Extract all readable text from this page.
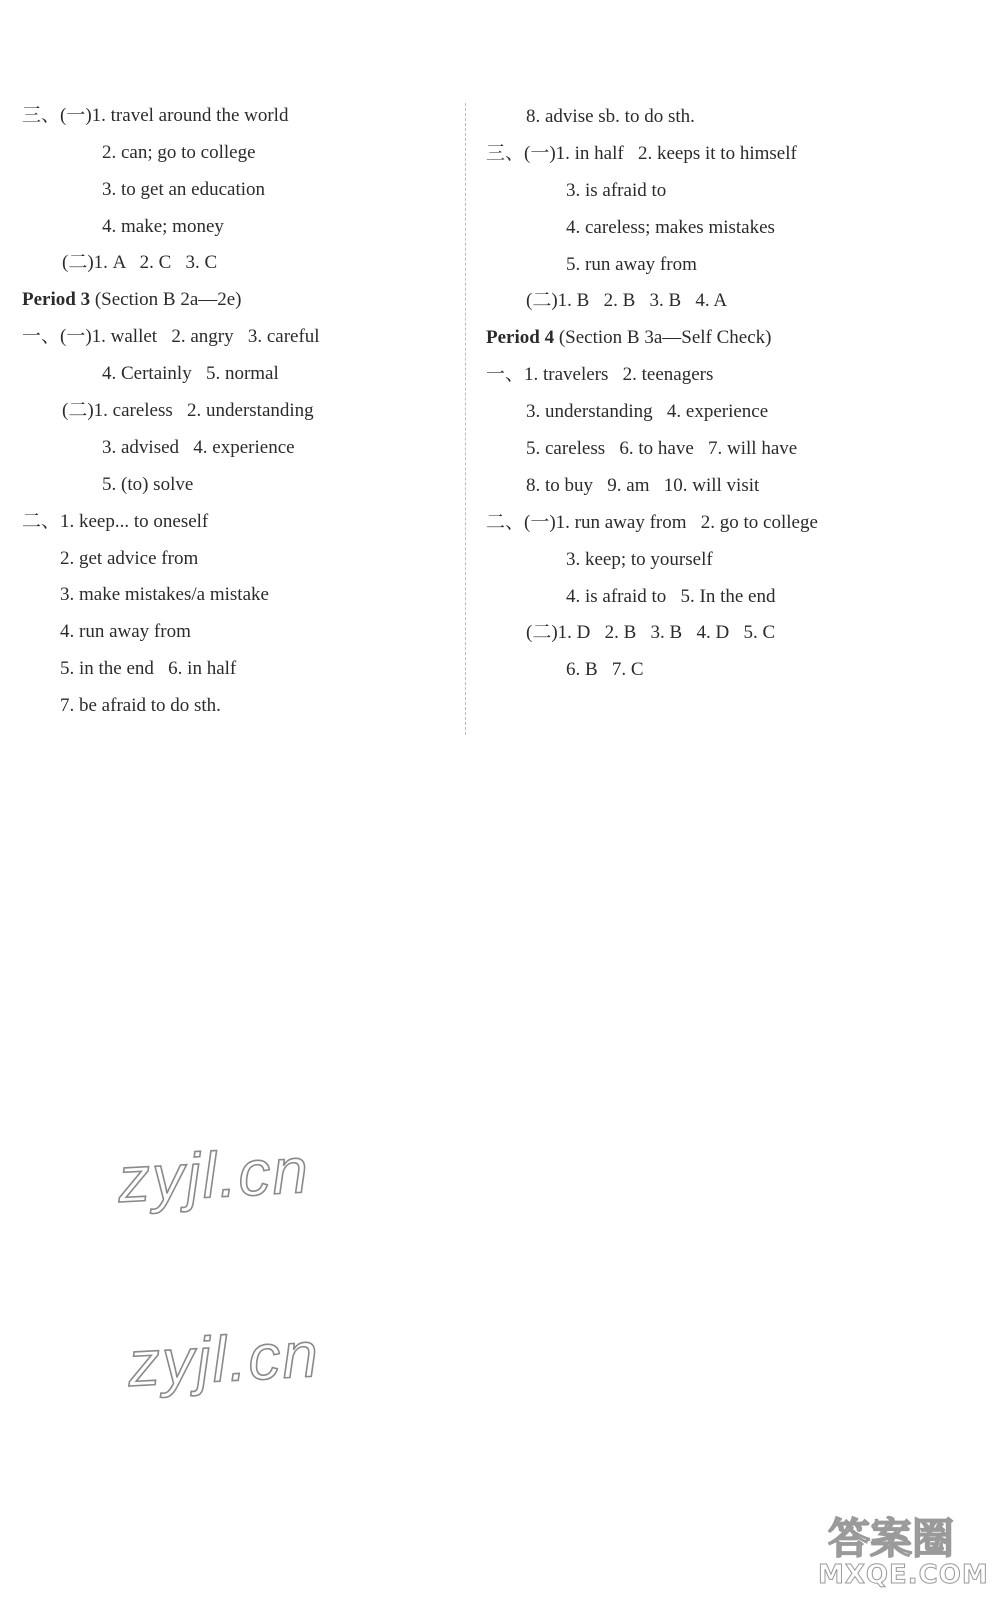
三、(一)1. travel around the world
2. can; go to college
3. to get an education
4. make; money
(二)1. A   2. C   3. C
Period 3 (Section B 2a—2e)
一、(一)1. wallet   2. angry   3. careful
4. Certainly   5. normal
(二)1. careless   2. understanding
3. advised   4. experience
5. (to) solve
二、1. keep... to oneself
2. get advice from
3. make mistakes/a mistake
4. run away from
5. in the end   6. in half
7. be afraid to do sth.
8. advise sb. to do sth.
三、(一)1. in half   2. keeps it to himself
3. is afraid to
4. careless; makes mistakes
5. run away from
(二)1. B   2. B   3. B   4. A
Period 4 (Section B 3a—Self Check)
一、1. travelers   2. teenagers
3. understanding   4. experience
5. careless   6. to have   7. will have
8. to buy   9. am   10. will visit
二、(一)1. run away from   2. go to college
3. keep; to yourself
4. is afraid to   5. In the end
(二)1. D   2. B   3. B   4. D   5. C
6. B   7. C
zyjl.cn
zyjl.cn
答案圈
MXQE.COM
